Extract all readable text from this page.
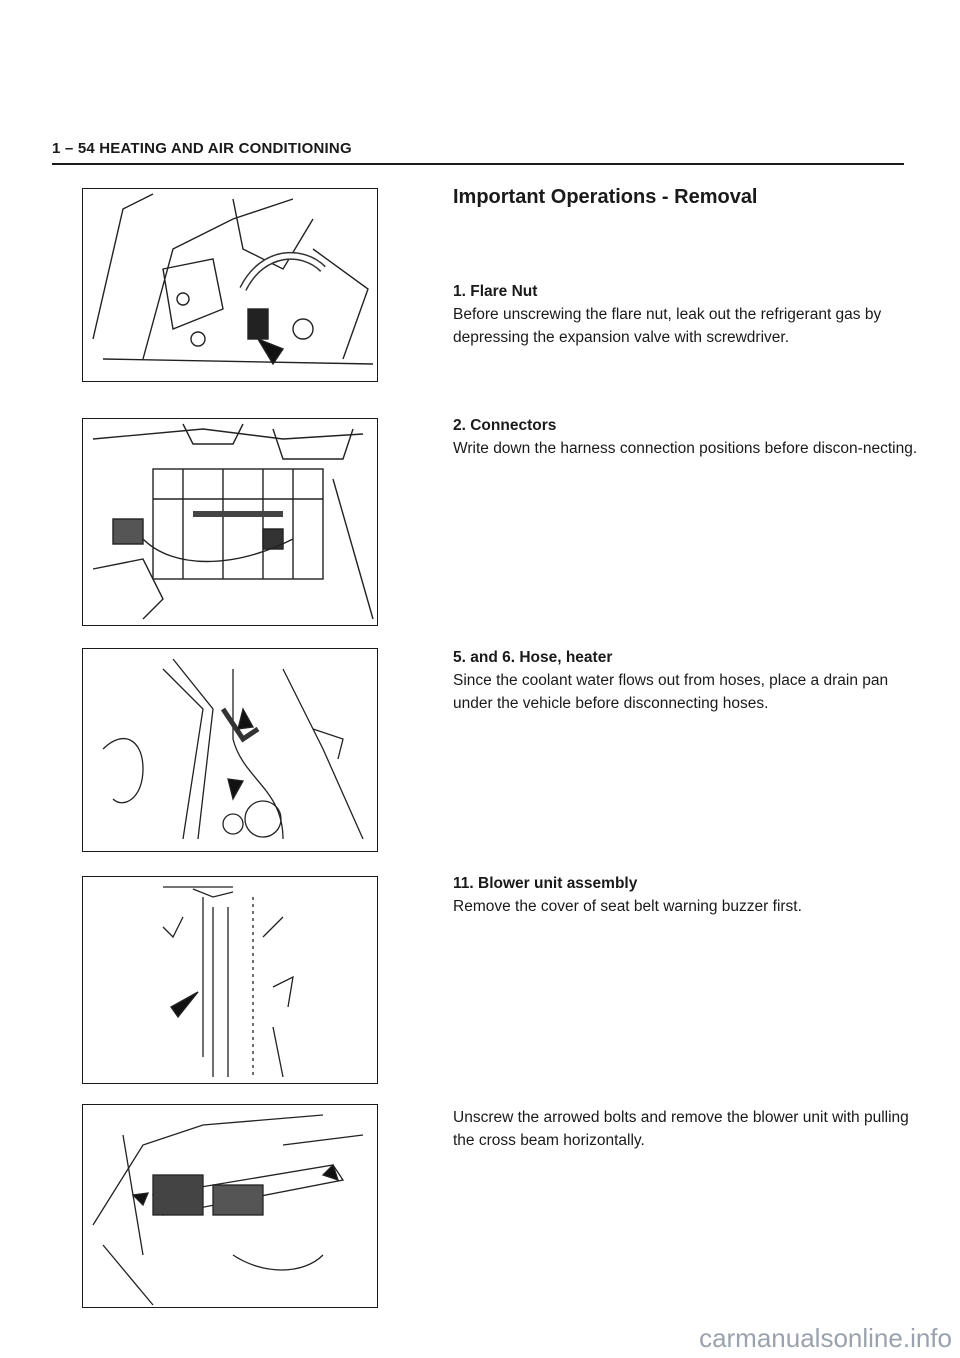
1 – 54 HEATING AND AIR CONDITIONING
Important Operations - Removal
1. Flare Nut
Before unscrewing the flare nut, leak out the refrigerant gas by depressing the expansion valve with screwdriver.
2. Connectors
Write down the harness connection positions before discon-necting.
5. and 6. Hose, heater
Since the coolant water flows out from hoses, place a drain pan under the vehicle before disconnecting hoses.
11. Blower unit assembly
Remove the cover of seat belt warning buzzer first.
Unscrew the arrowed bolts and remove the blower unit with pulling the cross beam horizontally.
carmanualsonline.info
